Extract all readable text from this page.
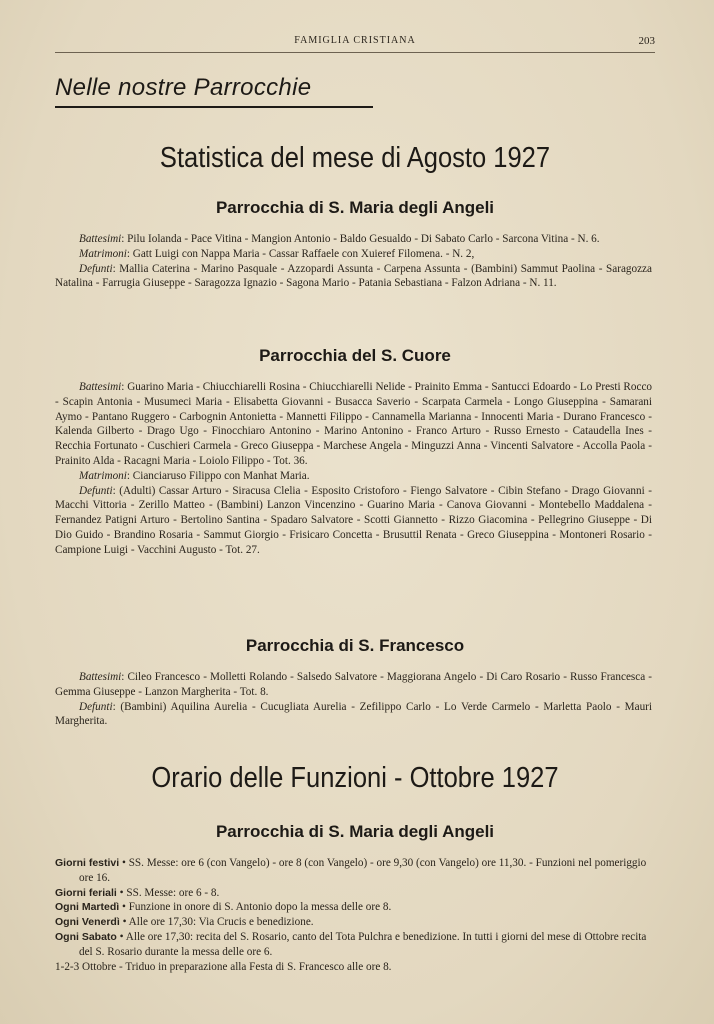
FAMIGLIA CRISTIANA	203
Nelle nostre Parrocchie
Statistica del mese di Agosto 1927
Parrocchia di S. Maria degli Angeli

Battesimi: Pilu Iolanda - Pace Vitina - Mangion Antonio - Baldo Gesualdo - Di Sabato Carlo - Sarcona Vitina - N. 6.

Matrimoni: Gatt Luigi con Nappa Maria - Cassar Raffaele con Xuieref Filomena. - N. 2,

Defunti: Mallia Caterina - Marino Pasquale - Azzopardi Assunta - Carpena Assunta - (Bambini) Sammut Paolina - Saragozza Natalina - Farrugia Giuseppe - Saragozza Ignazio - Sagona Mario - Patania Sebastiana - Falzon Adriana - N. 11.

Parrocchia del S. Cuore

Battesimi: Guarino Maria - Chiucchiarelli Rosina - Chiucchiarelli Nelide - Prainito Emma - Santucci Edoardo - Lo Presti Rocco - Scapin Antonia - Musumeci Maria - Elisabetta Giovanni - Busacca Saverio - Scarpata Carmela - Longo Giuseppina - Samarani Aymo - Pantano Ruggero - Carbognin Antonietta - Mannetti Filippo - Cannamella Marianna - Innocenti Maria - Durano Francesco - Kalenda Gilberto - Drago Ugo - Finocchiaro Antonino - Marino Antonino - Franco Arturo - Russo Ernesto - Cataudella Ines - Recchia Fortunato - Cuschieri Carmela - Greco Giuseppa - Marchese Angela - Minguzzi Anna - Vincenti Salvatore - Accolla Paola - Prainito Alda - Racagni Maria - Loiolo Filippo - Tot. 36.

Matrimoni: Cianciaruso Filippo con Manhat Maria.

Defunti: (Adulti) Cassar Arturo - Siracusa Clelia - Esposito Cristoforo - Fiengo Salvatore - Cibin Stefano - Drago Giovanni - Macchi Vittoria - Zerillo Matteo - (Bambini) Lanzon Vincenzino - Guarino Maria - Canova Giovanni - Montebello Maddalena - Fernandez Patigni Arturo - Bertolino Santina - Spadaro Salvatore - Scotti Giannetto - Rizzo Giacomina - Pellegrino Giuseppe - Di Dio Guido - Brandino Rosaria - Sammut Giorgio - Frisicaro Concetta - Brusuttil Renata - Greco Giuseppina - Montoneri Rosario - Campione Luigi - Vacchini Augusto - Tot. 27.

Parrocchia di S. Francesco

Battesimi: Cileo Francesco - Molletti Rolando - Salsedo Salvatore - Maggiorana Angelo - Di Caro Rosario - Russo Francesca - Gemma Giuseppe - Lanzon Margherita - Tot. 8.

Defunti: (Bambini) Aquilina Aurelia - Cucugliata Aurelia - Zefilippo Carlo - Lo Verde Carmelo - Marletta Paolo - Mauri Margherita.

Orario delle Funzioni - Ottobre 1927
Parrocchia di S. Maria degli Angeli

Giorni festivi • SS. Messe: ore 6 (con Vangelo) - ore 8 (con Vangelo) - ore 9,30 (con Vangelo) ore 11,30. - Funzioni nel pomeriggio ore 16.

Giorni feriali • SS. Messe: ore 6 - 8.

Ogni Martedì • Funzione in onore di S. Antonio dopo la messa delle ore 8.

Ogni Venerdì • Alle ore 17,30: Via Crucis e benedizione.

Ogni Sabato • Alle ore 17,30: recita del S. Rosario, canto del Tota Pulchra e benedizione. In tutti i giorni del mese di Ottobre recita del S. Rosario durante la messa delle ore 6.

1-2-3 Ottobre - Triduo in preparazione alla Festa di S. Francesco alle ore 8.
